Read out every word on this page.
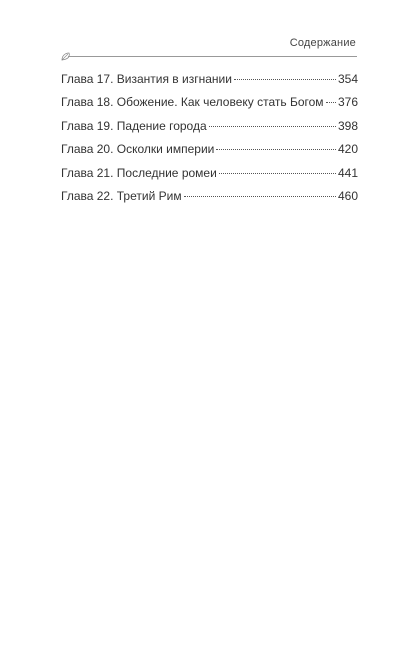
Содержание
Глава 17. Византия в изгнании	354
Глава 18. Обожение. Как человеку стать Богом 376
Глава 19. Падение города	398
Глава 20. Осколки империи	420
Глава 21. Последние ромеи	441
Глава 22. Третий Рим	460
